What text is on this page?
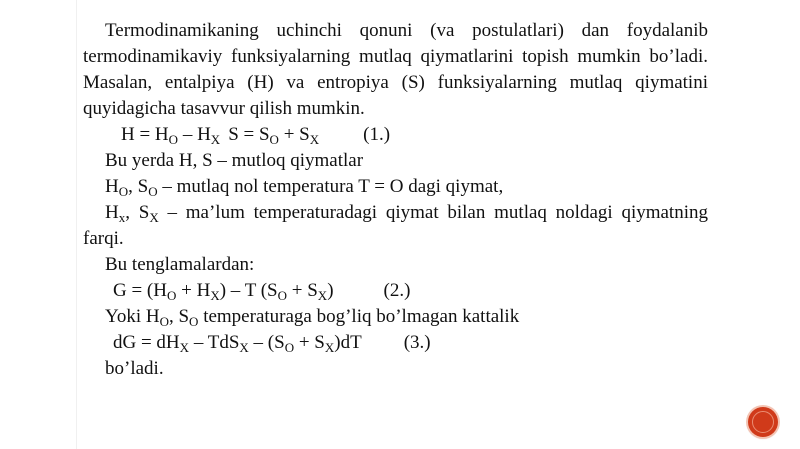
Termodinamikaning uchinchi qonuni (va postulatlari) dan foydalanib termodinamikaviy funksiyalarning mutlaq qiymatlarini topish mumkin bo’ladi. Masalan, entalpiya (H) va entropiya (S) funksiyalarning mutlaq qiymatini quyidagicha tasavvur qilish mumkin.

$H = H_O - H_X$ $S = S_O + S_X$ (1.)

Bu yerda H, S – mutloq qiymatlar

$H_O$, $S_O$ – mutlaq nol temperatura T = O dagi qiymat,

$H_x$, $S_X$ – ma’lum temperaturadagi qiymat bilan mutlaq noldagi qiymatning farqi.

Bu tenglamalardan:

$G = (H_O + H_X) - T$ $(S_O + S_X)$	(2.)

Yoki $H_O$, $S_O$ temperaturaga bog’liq bo’lmagan kattalik

dG = $dH_X - TdS_X - (S_O + S_X)dT$ (3.)

bo’ladi.
